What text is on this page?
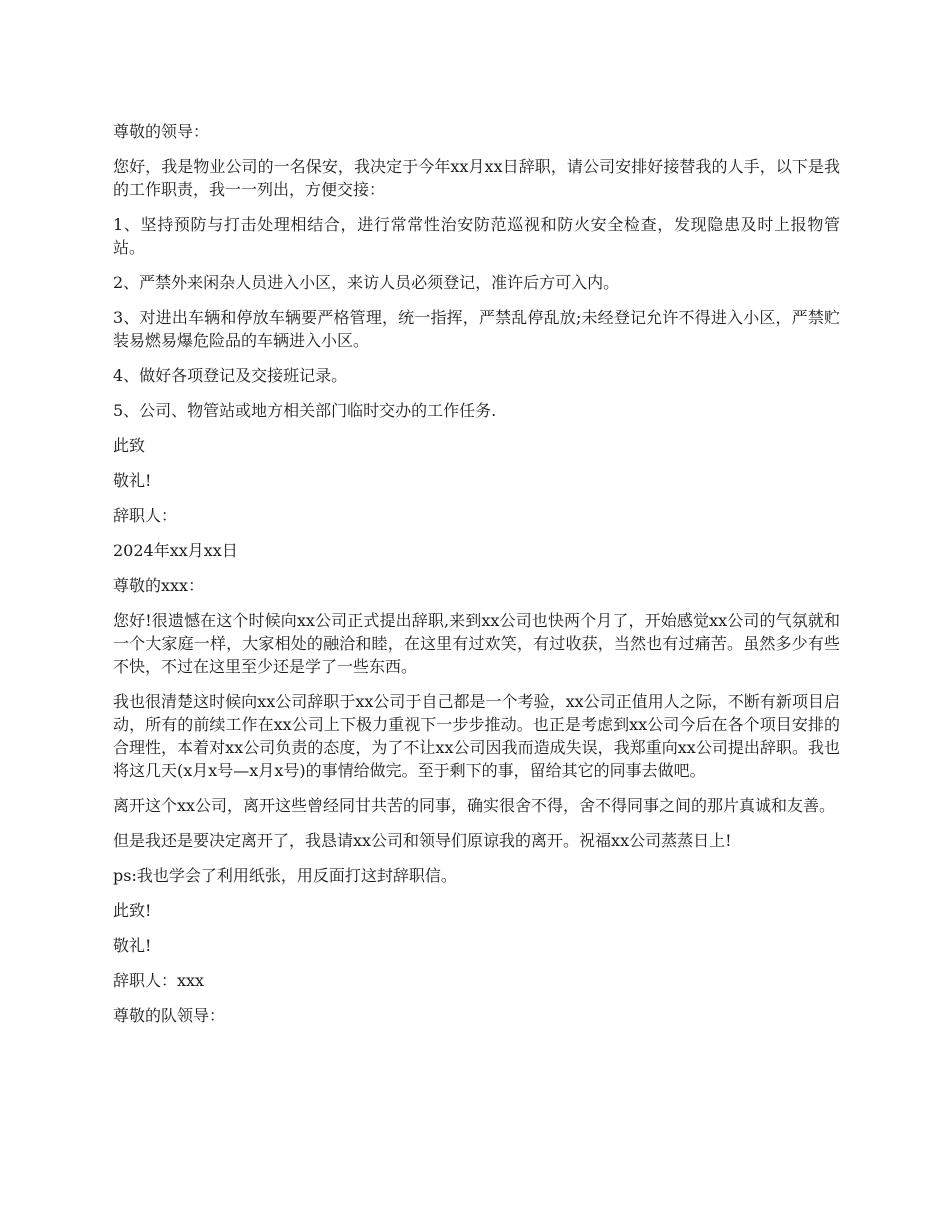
尊敬的领导：

您好，我是物业公司的一名保安，我决定于今年xx月xx日辞职，请公司安排好接替我的人手，以下是我的工作职责，我一一列出，方便交接：

1、坚持预防与打击处理相结合，进行常常性治安防范巡视和防火安全检查，发现隐患及时上报物管站。

2、严禁外来闲杂人员进入小区，来访人员必须登记，准许后方可入内。

3、对进出车辆和停放车辆要严格管理，统一指挥，严禁乱停乱放;未经登记允许不得进入小区，严禁贮装易燃易爆危险品的车辆进入小区。

4、做好各项登记及交接班记录。

5、公司、物管站或地方相关部门临时交办的工作任务.

此致

敬礼!

辞职人：

2024年xx月xx日

尊敬的xxx：

您好!很遗憾在这个时候向xx公司正式提出辞职,来到xx公司也快两个月了，开始感觉xx公司的气氛就和一个大家庭一样，大家相处的融洽和睦，在这里有过欢笑，有过收获，当然也有过痛苦。虽然多少有些不快，不过在这里至少还是学了一些东西。

我也很清楚这时候向xx公司辞职于xx公司于自己都是一个考验，xx公司正值用人之际，不断有新项目启动，所有的前续工作在xx公司上下极力重视下一步步推动。也正是考虑到xx公司今后在各个项目安排的合理性，本着对xx公司负责的态度，为了不让xx公司因我而造成失误，我郑重向xx公司提出辞职。我也将这几天(x月x号—x月x号)的事情给做完。至于剩下的事，留给其它的同事去做吧。

离开这个xx公司，离开这些曾经同甘共苦的同事，确实很舍不得，舍不得同事之间的那片真诚和友善。

但是我还是要决定离开了，我恳请xx公司和领导们原谅我的离开。祝福xx公司蒸蒸日上!

ps:我也学会了利用纸张，用反面打这封辞职信。

此致!

敬礼!

辞职人：xxx

尊敬的队领导：
